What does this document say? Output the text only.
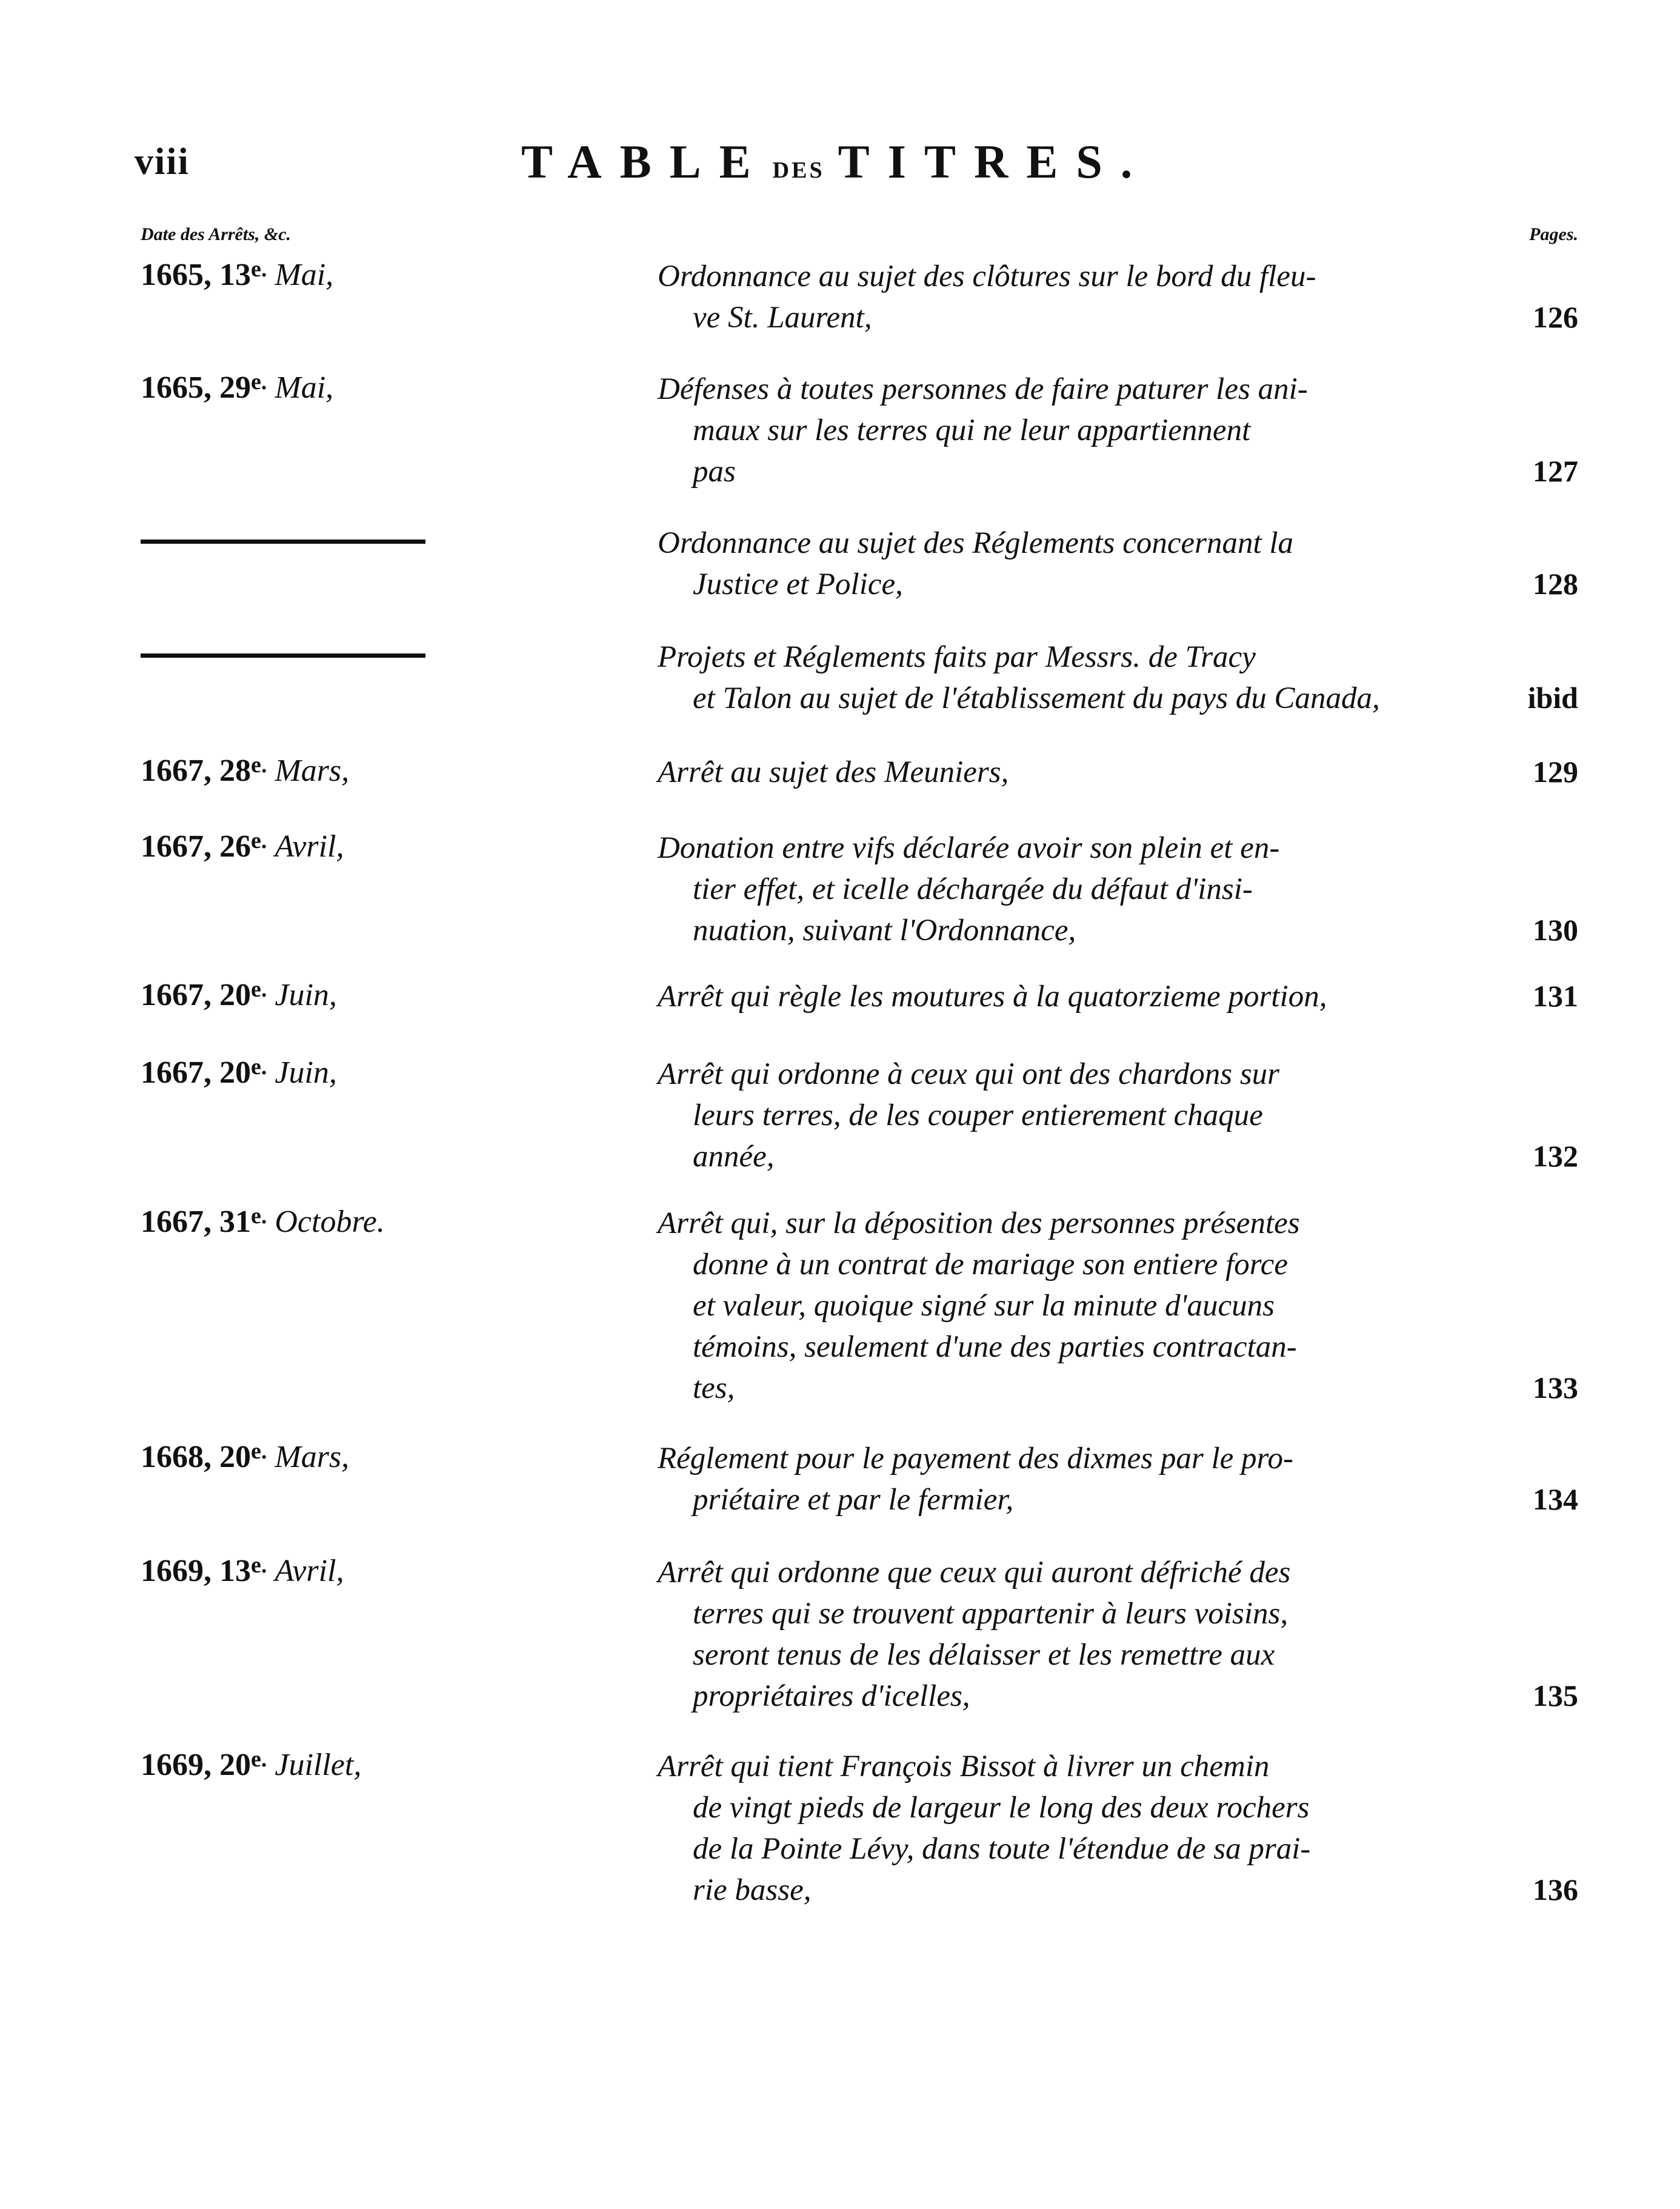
viii	TABLE DES TITRES.
Date des Arrêts, &c.	Pages.
1665, $13^{e.}$ Mai,	Ordonnance au sujet des clôtures sur le bord du fleu-
ve St. Laurent,	126
1665, $29^{e.}$ Mai,	Défenses à toutes personnes de faire paturer les ani-
maux sur les terres qui ne leur appartiennent
pas	127
Ordonnance au sujet des Réglements concernant la
Justice et Police,	128
Projets et Réglements faits par Messrs. de Tracy
et Talon au sujet de l'établissement du pays du Canada,	ibid
1667, $28^{e.}$ Mars,	Arrêt au sujet des Meuniers,	129
1667, $26^{e.}$ Avril,	Donation entre vifs déclarée avoir son plein et en-
tier effet, et icelle déchargée du défaut d'insi-
nuation, suivant l'Ordonnance,	130
1667, $20^{e.}$ Juin,	Arrêt qui règle les moutures à la quatorzieme portion,	131
1667, $20^{e.}$ Juin,	Arrêt qui ordonne à ceux qui ont des chardons sur
leurs terres, de les couper entierement chaque
année,	132
1667, $31^{e.}$ Octobre.	Arrêt qui, sur la déposition des personnes présentes
donne à un contrat de mariage son entiere force
et valeur, quoique signé sur la minute d'aucuns
témoins, seulement d'une des parties contractan-
tes,	133
1668, $20^{e.}$ Mars,	Réglement pour le payement des dixmes par le pro-
priétaire et par le fermier,	134
1669, $13^{e.}$ Avril,	Arrêt qui ordonne que ceux qui auront défriché des
terres qui se trouvent appartenir à leurs voisins,
seront tenus de les délaisser et les remettre aux
propriétaires d'icelles,	135
1669, $20^{e.}$ Juillet,	Arrêt qui tient François Bissot à livrer un chemin
de vingt pieds de largeur le long des deux rochers
de la Pointe Lévy, dans toute l'étendue de sa prai-
rie basse,	136
